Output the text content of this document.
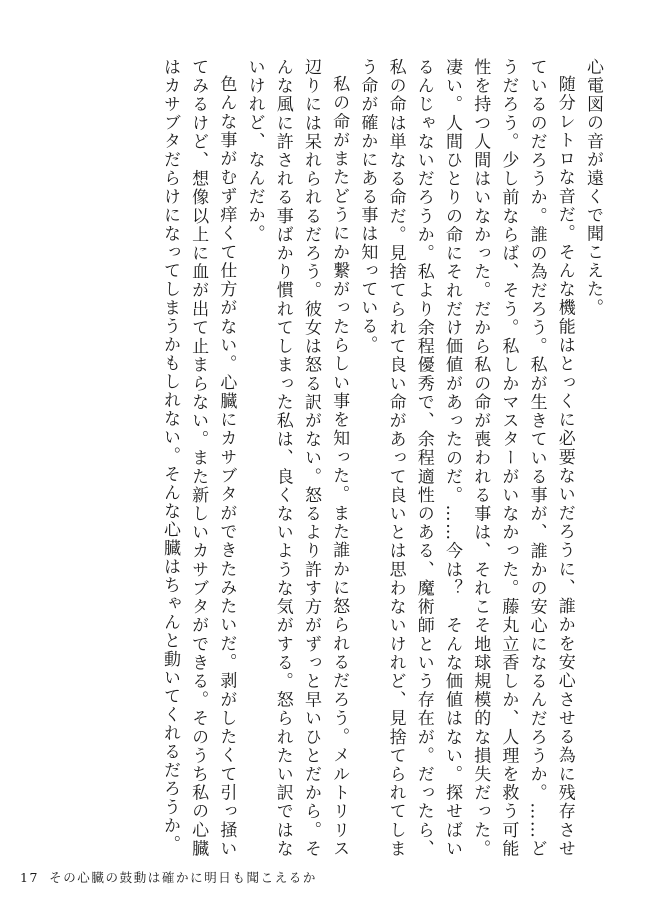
心電図の音が遠くで聞こえた。

随分レトロな音だ。そんな機能はとっくに必要ないだろうに、誰かを安心させる為に残存させているのだろうか。誰の為だろう。私が生きている事が、誰かの安心になるんだろうか。……どうだろう。少し前ならば、そう。私しかマスターがいなかった。藤丸立香しか、人理を救う可能性を持つ人間はいなかった。だから私の命が喪われる事は、それこそ地球規模的な損失だった。凄い。人間ひとりの命にそれだけ価値があったのだ。……今は？　そんな価値はない。探せばいるんじゃないだろうか。私より余程優秀で、余程適性のある、魔術師という存在が。だったら、私の命は単なる命だ。見捨てられて良い命があって良いとは思わないけれど、見捨てられてしまう命が確かにある事は知っている。

私の命がまたどうにか繋がったらしい事を知った。また誰かに怒られるだろう。メルトリリス辺りには呆れられるだろう。彼女は怒る訳がない。怒るより許す方がずっと早いひとだから。そんな風に許される事ばかり慣れてしまった私は、良くないような気がする。怒られたい訳ではないけれど、なんだか。

色んな事がむず痒くて仕方がない。心臓にカサブタができたみたいだ。剥がしたくて引っ掻いてみるけど、想像以上に血が出て止まらない。また新しいカサブタができる。そのうち私の心臓はカサブタだらけになってしまうかもしれない。そんな心臓はちゃんと動いてくれるだろうか。

17 その心臓の鼓動は確かに明日も聞こえるか
